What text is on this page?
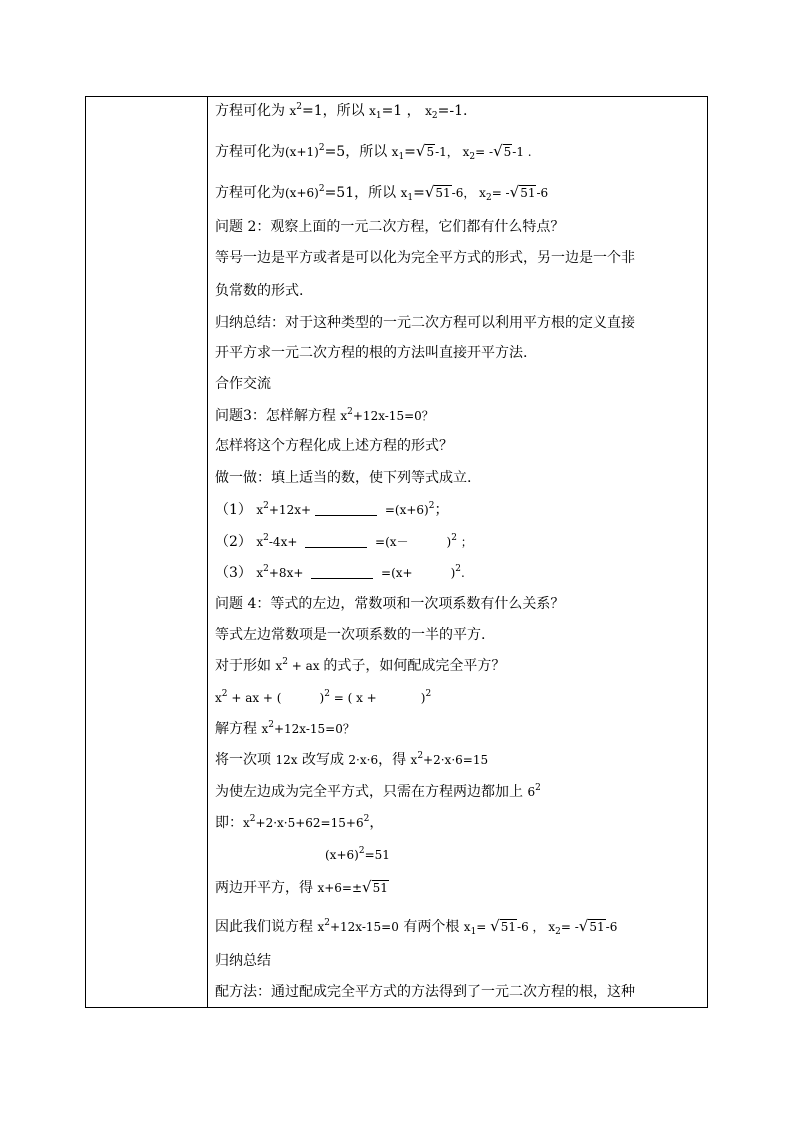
方程可化为 $x^2=1$，所以 $x_1=1$ ， $x_2=-1$.
方程可化为$(x+1)^2=5$，所以 $x_1=√5-1$， $x_2= -√5-1$ .
方程可化为$(x+6)^2=51$，所以 $x_1=√51-6$， $x_2= -√51-6$
问题 2：观察上面的一元二次方程，它们都有什么特点？
等号一边是平方或者是可以化为完全平方式的形式，另一边是一个非
负常数的形式.
归纳总结：对于这种类型的一元二次方程可以利用平方根的定义直接
开平方求一元二次方程的根的方法叫直接开平方法.
合作交流
问题3：怎样解方程 $x^2+12x-15=0$？
怎样将这个方程化成上述方程的形式？
做一做：填上适当的数，使下列等式成立.
（1） $x^2+12x+$	$=(x+6)^2$；
（2） $x^2-4x+$	=(x－	)$^2$ ；
（3） $x^2+8x+$	=(x+	)$^2$.
问题 4：等式的左边，常数项和一次项系数有什么关系？
等式左边常数项是一次项系数的一半的平方.
对于形如 $x^2$ + ax 的式子，如何配成完全平方？
$x^2$ + ax + (	)$^2$ = ( x +	)$^2$
解方程 $x^2+12x-15=0$？
将一次项 12x 改写成 2·x·6，得 $x^2+2\cdot x\cdot 6=15$
为使左边成为完全平方式，只需在方程两边都加上 $6^2$
即：$x^2+2\cdot x\cdot 5+62=15+6^2$，
$(x+6)^2=51$
两边开平方，得 x+6=±√51
因此我们说方程 $x^2+12x-15=0$ 有两个根 $x_1= √51-6$ ， $x_2= -√51-6$
归纳总结
配方法：通过配成完全平方式的方法得到了一元二次方程的根，这种
